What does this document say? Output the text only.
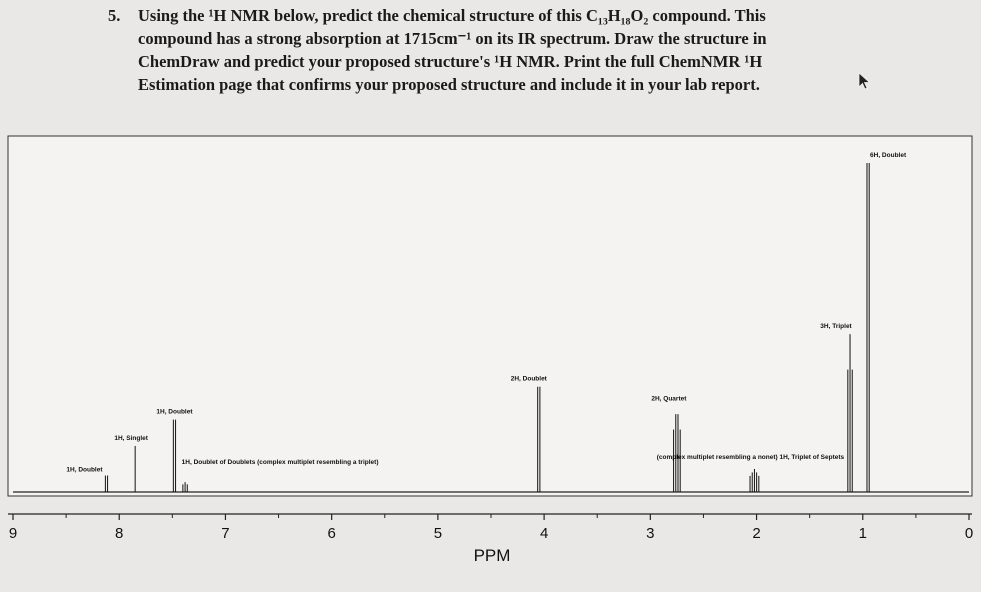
5. Using the ¹H NMR below, predict the chemical structure of this C₁₃H₁₈O₂ compound. This compound has a strong absorption at 1715cm⁻¹ on its IR spectrum. Draw the structure in ChemDraw and predict your proposed structure's ¹H NMR. Print the full ChemNMR ¹H Estimation page that confirms your proposed structure and include it in your lab report.
1H, Doublet
1H, Singlet
1H, Doublet
1H, Doublet of Doublets (complex multiplet resembling a triplet)
2H, Doublet
2H, Quartet
(complex multiplet resembling a nonet) 1H, Triplet of Septets
3H, Triplet
6H, Doublet
9	8	7	6	5	4	3	2	1	0
PPM
